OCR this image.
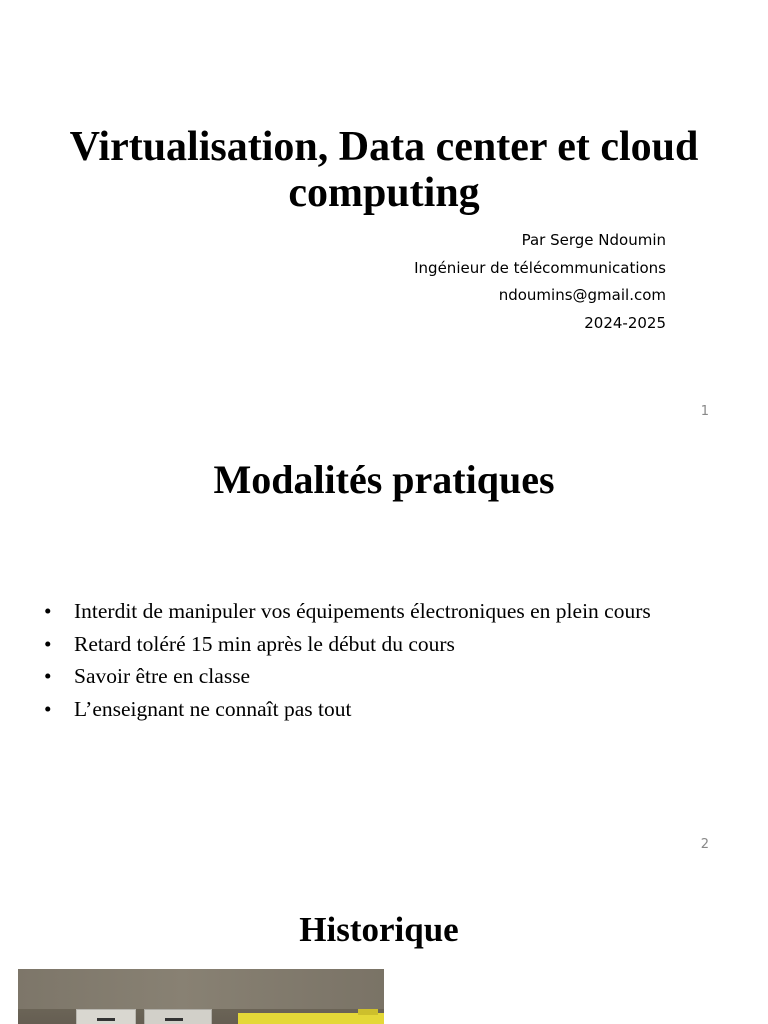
Virtualisation, Data center et cloud computing
Par Serge Ndoumin
Ingénieur de télécommunications
ndoumins@gmail.com
2024-2025
1
Modalités pratiques
• Interdit de manipuler vos équipements électroniques en plein cours
• Retard toléré 15 min après le début du cours
• Savoir être en classe
• L’enseignant ne connaît pas tout
2
Historique
